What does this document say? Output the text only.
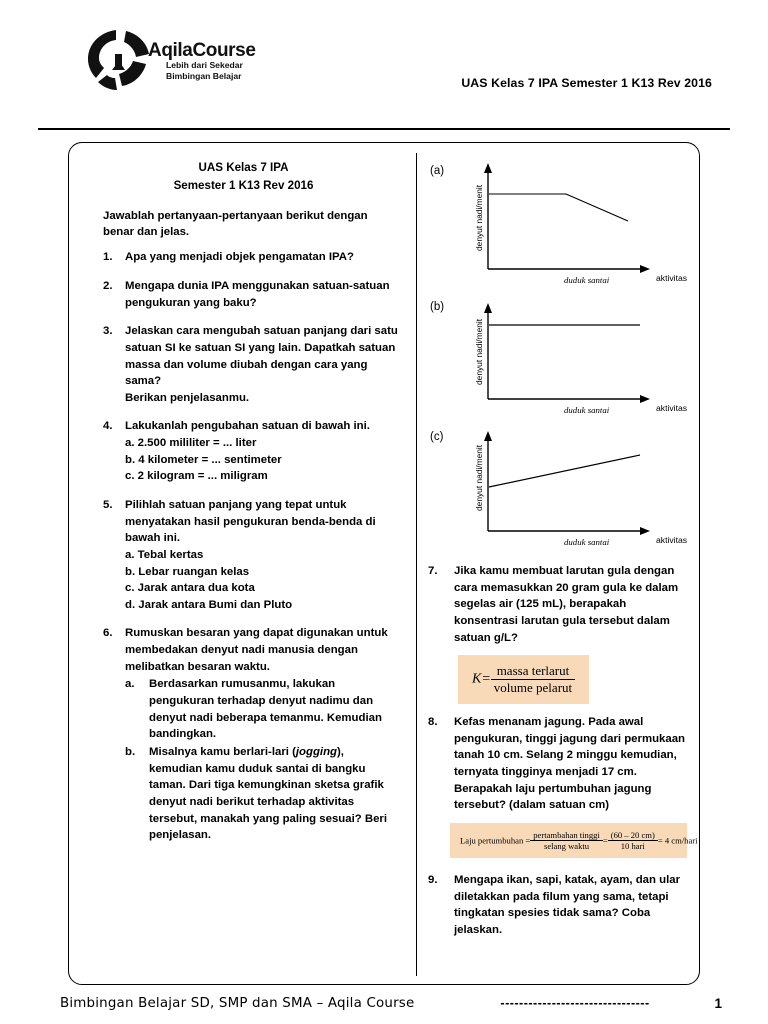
AqilaCourse
Lebih dari Sekedar
Bimbingan Belajar	UAS Kelas 7 IPA Semester 1 K13 Rev 2016
UAS Kelas 7 IPA
Semester 1 K13 Rev 2016
Jawablah pertanyaan-pertanyaan berikut dengan benar dan jelas.
1.	Apa yang menjadi objek pengamatan IPA?
2.	Mengapa dunia IPA menggunakan satuan-satuan pengukuran yang baku?
3.	Jelaskan cara mengubah satuan panjang dari satu satuan SI ke satuan SI yang lain. Dapatkah satuan massa dan volume diubah dengan cara yang sama?
Berikan penjelasanmu.
4.	Lakukanlah pengubahan satuan di bawah ini.
a. 2.500 mililiter = ... liter
b. 4 kilometer = ... sentimeter
c. 2 kilogram = ... miligram
5.	Pilihlah satuan panjang yang tepat untuk menyatakan hasil pengukuran benda-benda di bawah ini.
a. Tebal kertas
b. Lebar ruangan kelas
c. Jarak antara dua kota
d. Jarak antara Bumi dan Pluto
6.	Rumuskan besaran yang dapat digunakan untuk membedakan denyut nadi manusia dengan melibatkan besaran waktu.
a.	Berdasarkan rumusanmu, lakukan pengukuran terhadap denyut nadimu dan denyut nadi beberapa temanmu. Kemudian bandingkan.
b.	Misalnya kamu berlari-lari (jogging), kemudian kamu duduk santai di bangku taman. Dari tiga kemungkinan sketsa grafik denyut nadi berikut terhadap aktivitas tersebut, manakah yang paling sesuai? Beri penjelasan.
(a)
denyut nadi/menit
aktivitas
duduk santai
(b)
denyut nadi/menit
aktivitas
duduk santai
(c)
denyut nadi/menit
aktivitas
duduk santai
7.	Jika kamu membuat larutan gula dengan cara memasukkan 20 gram gula ke dalam segelas air (125 mL), berapakah konsentrasi larutan gula tersebut dalam satuan g/L?
$K= \frac{\text{massa terlarut}}{\text{volume pelarut}}$
8.	Kefas menanam jagung. Pada awal pengukuran, tinggi jagung dari permukaan tanah 10 cm. Selang 2 minggu kemudian, ternyata tingginya menjadi 17 cm. Berapakah laju pertumbuhan jagung tersebut? (dalam satuan cm)
Laju pertumbuhan = $\frac{\text{pertambahan tinggi}}{\text{selang waktu}} = \frac{(60 - 20 cm)}{\text{10 hari}} = 4$ cm/hari
9.	Mengapa ikan, sapi, katak, ayam, dan ular diletakkan pada filum yang sama, tetapi tingkatan spesies tidak sama? Coba jelaskan.
Bimbingan Belajar SD, SMP dan SMA – Aqila Course	--------------------------------	1
